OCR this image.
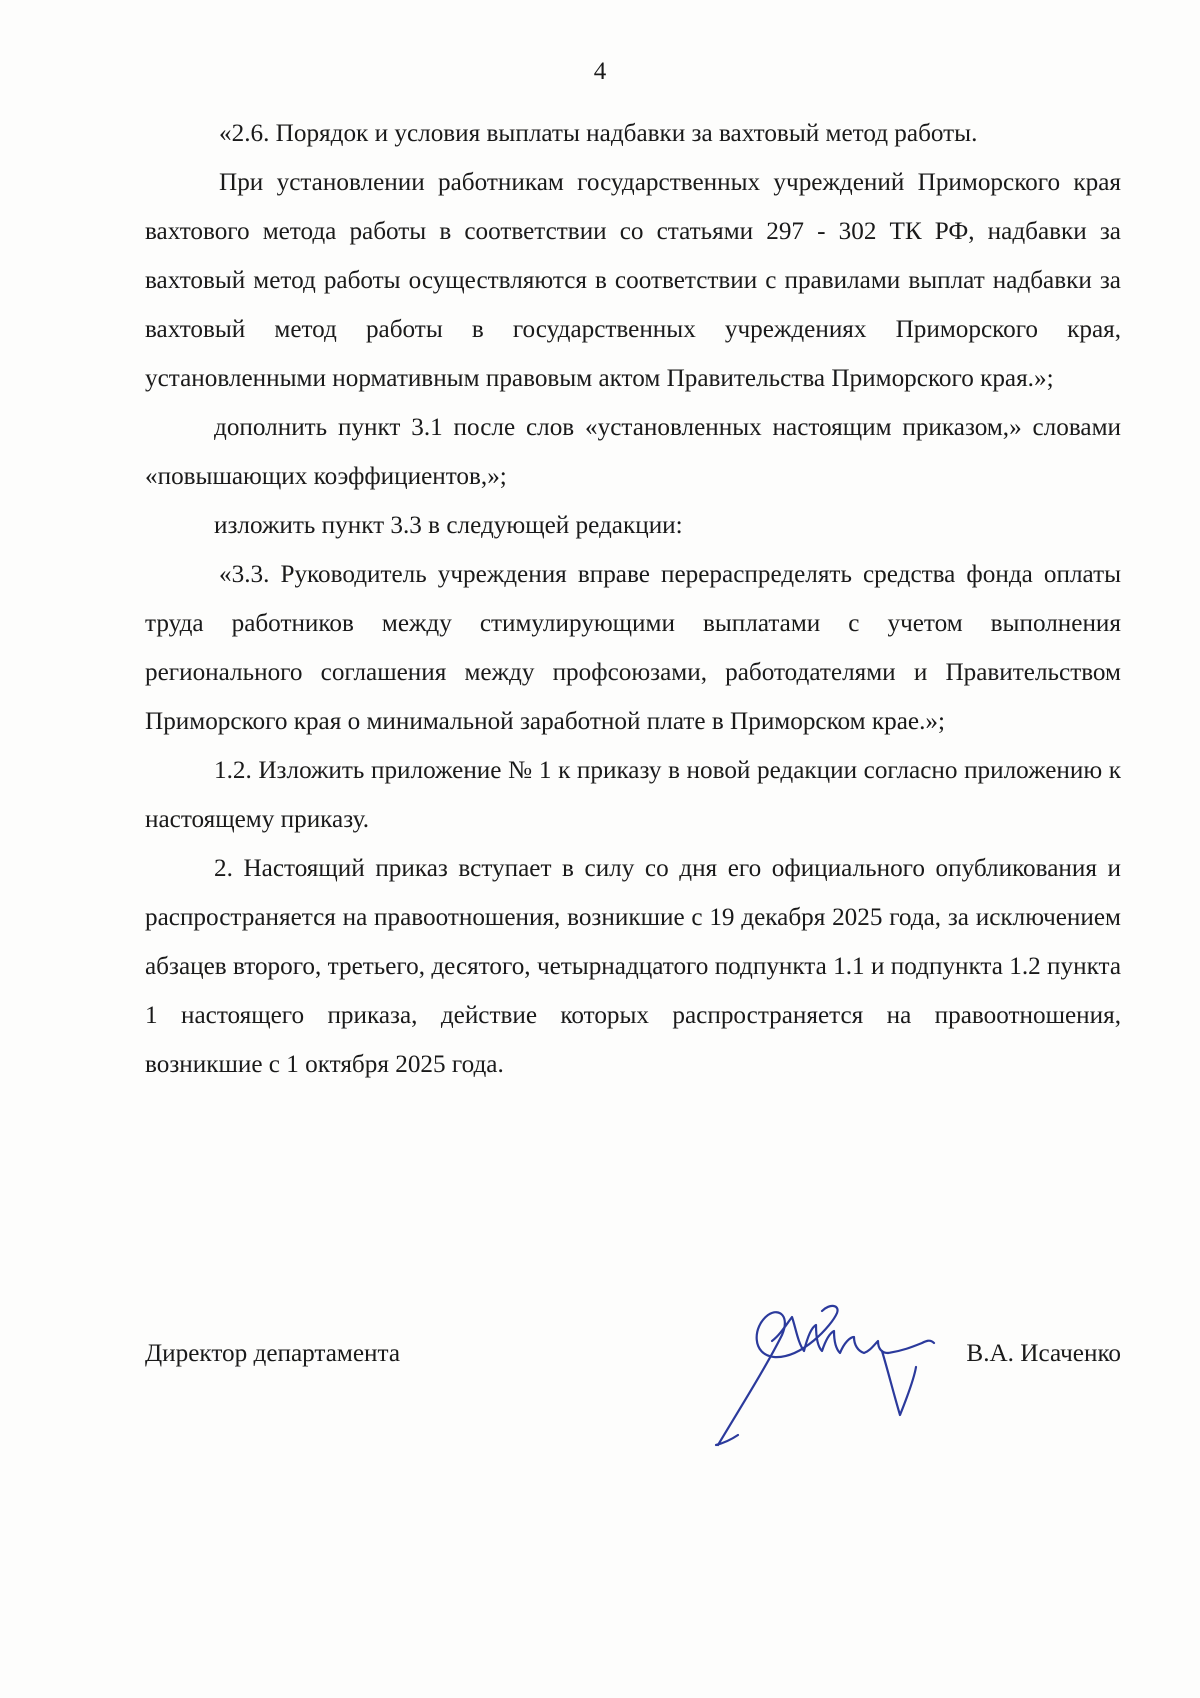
4

«2.6. Порядок и условия выплаты надбавки за вахтовый метод работы.

При установлении работникам государственных учреждений Приморского края вахтового метода работы в соответствии со статьями 297 - 302 ТК РФ, надбавки за вахтовый метод работы осуществляются в соответствии с правилами выплат надбавки за вахтовый метод работы в государственных учреждениях Приморского края, установленными нормативным правовым актом Правительства Приморского края.»;

дополнить пункт 3.1 после слов «установленных настоящим приказом,» словами «повышающих коэффициентов,»;

изложить пункт 3.3 в следующей редакции:

«3.3. Руководитель учреждения вправе перераспределять средства фонда оплаты труда работников между стимулирующими выплатами с учетом выполнения регионального соглашения между профсоюзами, работодателями и Правительством Приморского края о минимальной заработной плате в Приморском крае.»;

1.2. Изложить приложение № 1 к приказу в новой редакции согласно приложению к настоящему приказу.

2. Настоящий приказ вступает в силу со дня его официального опубликования и распространяется на правоотношения, возникшие с 19 декабря 2025 года, за исключением абзацев второго, третьего, десятого, четырнадцатого подпункта 1.1 и подпункта 1.2 пункта 1 настоящего приказа, действие которых распространяется на правоотношения, возникшие с 1 октября 2025 года.

Директор департамента	В.А. Исаченко
